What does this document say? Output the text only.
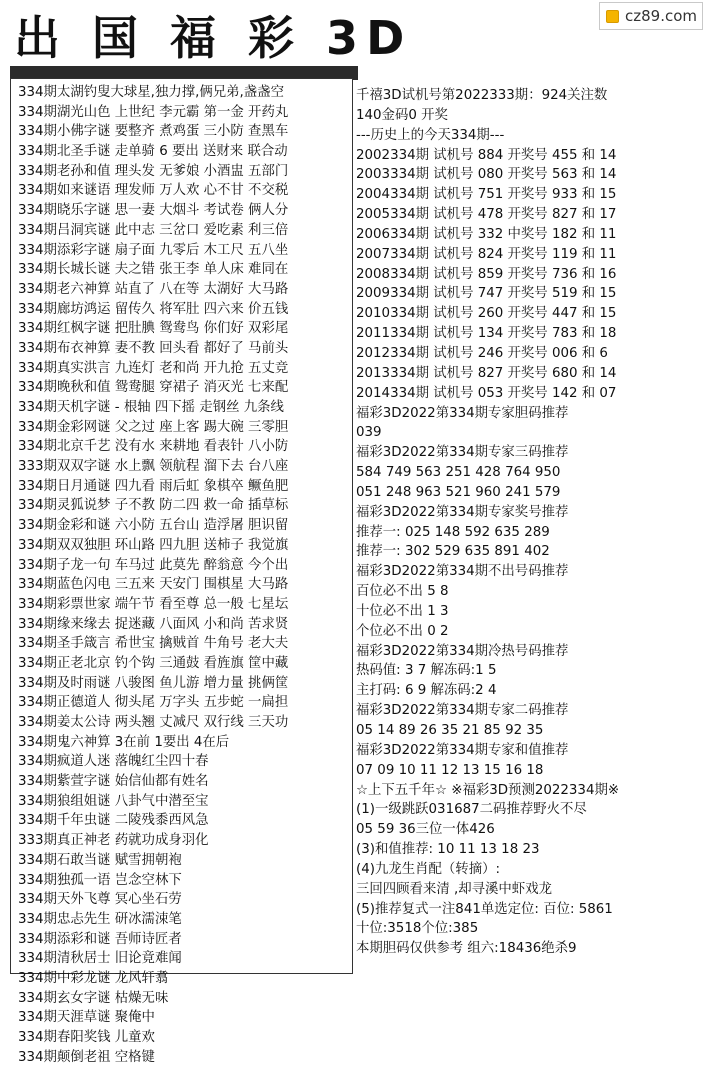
出 国 福 彩 3D	cz89.com
334期太湖钓叟大球星,独力撑,俩兄弟,盏盏空
334期湖光山色 上世纪 李元霸 第一金 开药丸
334期小佛字谜 要整齐 煮鸡蛋 三小防 查黑车
334期北圣手谜 走单骑 6 要出 送财来 联合动
334期老孙和值 理头发 无爹娘 小酒盅 五部门
334期如来谜语 理发师 万人欢 心不甘 不交税
334期晓乐字谜 思一妻 大烟斗 考试卷 俩人分
334期吕洞宾谜 此中志 三岔口 爱吃素 利三倍
334期添彩字谜 扇子面 九零后 木工尺 五八坐
334期长城长谜 夫之错 张王李 单人床 难同在
334期老六神算 站直了 八在等 太湖好 大马路
334期廊坊鸿运 留传久 将军肚 四六来 价五钱
334期红枫字谜 把肚腆 鸳鸯鸟 你们好 双彩尾
334期布衣神算 妻不教 回头看 都好了 马前头
334期真实洪言 九连灯 老和尚 开九抢 五丈竞
334期晚秋和值 鸳鸯腿 穿裙子 消灭光 七来配
334期天机字谜 - 根轴 四下摇 走钢丝 九条线
334期金彩网谜 父之过 座上客 踢大碗 三零胆
334期北京千艺 没有水 来耕地 看表针 八小防
333期双双字谜 水上飘 领航程 溜下去 台八座
334期日月通谜 四九看 雨后虹 象棋卒 鳜鱼肥
334期灵狐说梦 子不教 防二四 救一命 插草标
334期金彩和谜 六小防 五台山 造浮屠 胆识留
334期双双独胆 环山路 四九胆 送柿子 我觉旗
334期子龙一句 车马过 此莫先 醉翁意 今个出
334期蓝色闪电 三五来 天安门 围棋星 大马路
334期彩票世家 端午节 看至尊 总一般 七星坛
334期缘来缘去 捉迷藏 八面风 小和尚 苦求贤
334期圣手箴言 希世宝 擒贼首 牛角号 老大夫
334期正老北京 钓个钩 三通鼓 看旌旗 筐中藏
334期及时雨谜 八骏图 鱼儿游 增力量 挑俩筐
334期正德道人 彻头尾 万字头 五步蛇 一扁担
334期姜太公诗 两头翘 丈减尺 双行线 三天功
334期鬼六神算 3在前 1要出 4在后
334期疯道人迷 落魄红尘四十春
334期紫萱字谜 始信仙都有姓名
334期狼组姐谜 八卦气中潜至宝
334期千年虫谜 二陵残黍西风急
333期真正神老 药就功成身羽化
334期石敢当谜 赋雪拥朝袍
334期独孤一语 岂念空林下
334期天外飞尊 冥心坐石劳
334期忠忐先生 研冰濡涑笔
334期添彩和谜 吾师诗匠者
334期清秋居士 旧论竟难闻
334期中彩龙谜 龙风轩翥
334期玄女字谜 枯燥无味
334期天涯草谜 聚俺中
334期春阳奖钱 儿童欢
334期颠倒老祖 空格键
千禧3D试机号第2022333期：924关注数
140金码0 开奖
---历史上的今天334期---
2002334期 试机号 884 开奖号 455 和 14
2003334期 试机号 080 开奖号 563 和 14
2004334期 试机号 751 开奖号 933 和 15
2005334期 试机号 478 开奖号 827 和 17
2006334期 试机号 332 中奖号 182 和 11
2007334期 试机号 824 开奖号 119 和 11
2008334期 试机号 859 开奖号 736 和 16
2009334期 试机号 747 开奖号 519 和 15
2010334期 试机号 260 开奖号 447 和 15
2011334期 试机号 134 开奖号 783 和 18
2012334期 试机号 246 开奖号 006 和 6
2013334期 试机号 827 开奖号 680 和 14
2014334期 试机号 053 开奖号 142 和 07
福彩3D2022第334期专家胆码推荐
039
福彩3D2022第334期专家三码推荐
584 749 563 251 428 764 950
051 248 963 521 960 241 579
福彩3D2022第334期专家奖号推荐
推荐一: 025 148 592 635 289
推荐一: 302 529 635 891 402
福彩3D2022第334期不出号码推荐
百位必不出 5 8
十位必不出 1 3
个位必不出 0 2
福彩3D2022第334期冷热号码推荐
热码值: 3 7 解冻码:1 5
主打码: 6 9 解冻码:2 4
福彩3D2022第334期专家二码推荐
05 14 89 26 35 21 85 92 35
福彩3D2022第334期专家和值推荐
07 09 10 11 12 13 15 16 18
☆上下五千年☆ ※福彩3D预测2022334期※
(1)一级跳跃031687二码推荐野火不尽
05 59 36三位一体426
(3)和值推荐: 10 11 13 18 23
(4)九龙生肖配（转摘）:
三回四顾看来清 ,却寻溪中虾戏龙
(5)推荐复式一注841单选定位: 百位: 5861
十位:3518个位:385
本期胆码仅供参考 组六:18436绝杀9
